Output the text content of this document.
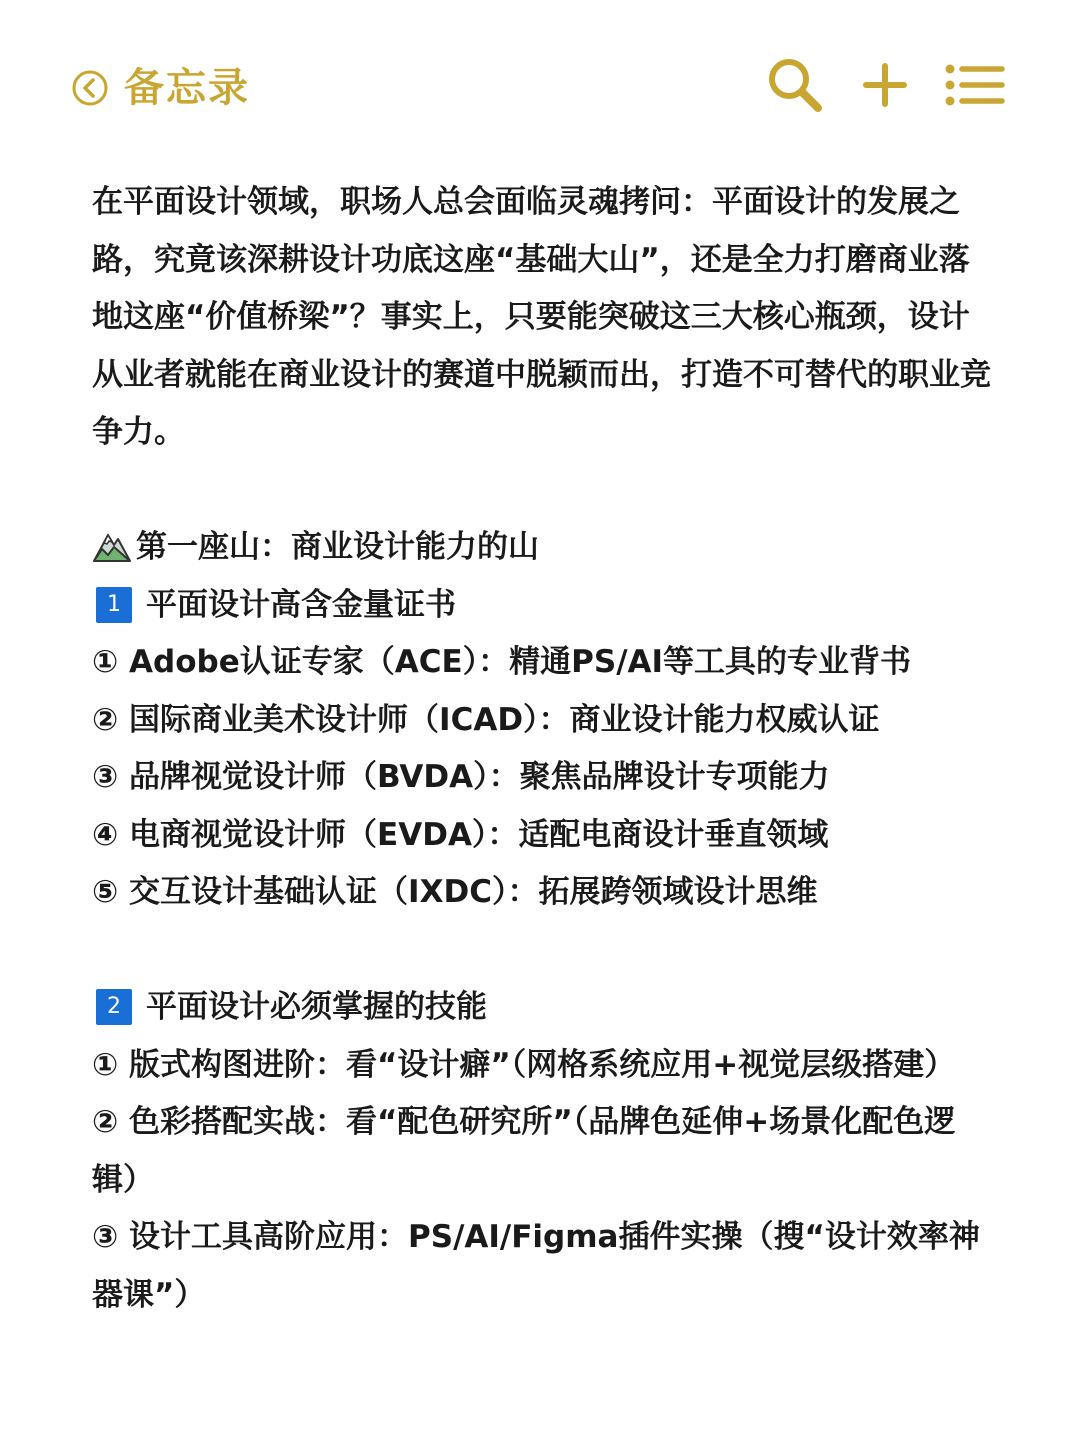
备忘录

在平面设计领域，职场人总会面临灵魂拷问：平面设计的发展之路，究竟该深耕设计功底这座“基础大山”，还是全力打磨商业落地这座“价值桥梁”？事实上，只要能突破这三大核心瓶颈，设计从业者就能在商业设计的赛道中脱颖而出，打造不可替代的职业竞争力。

第一座山：商业设计能力的山

1 平面设计高含金量证书

① Adobe认证专家（ACE）：精通PS/AI等工具的专业背书

② 国际商业美术设计师（ICAD）：商业设计能力权威认证

③ 品牌视觉设计师（BVDA）：聚焦品牌设计专项能力

④ 电商视觉设计师（EVDA）：适配电商设计垂直领域

⑤ 交互设计基础认证（IXDC）：拓展跨领域设计思维

2 平面设计必须掌握的技能

① 版式构图进阶：看“设计癖”（网格系统应用+视觉层级搭建）

② 色彩搭配实战：看“配色研究所”（品牌色延伸+场景化配色逻辑）

③ 设计工具高阶应用：PS/AI/Figma插件实操（搜“设计效率神器课”）
